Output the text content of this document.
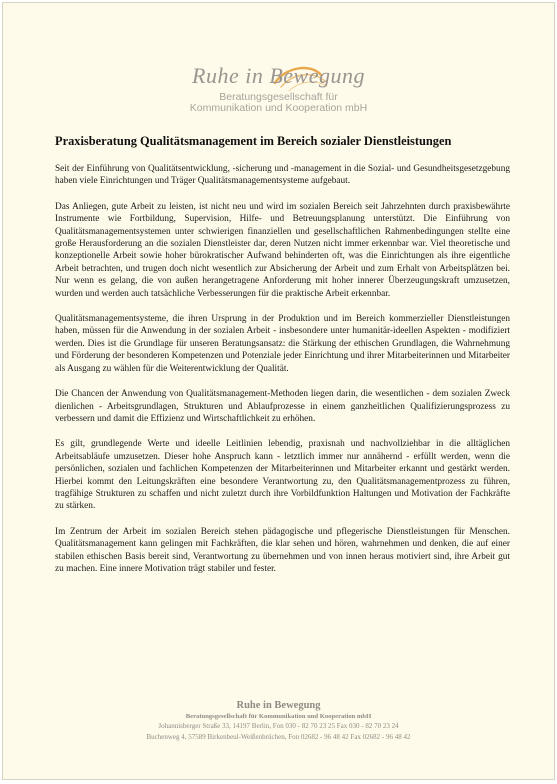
Ruhe in Bewegung
Beratungsgesellschaft für
Kommunikation und Kooperation mbH
Praxisberatung Qualitätsmanagement im Bereich sozialer Dienstleistungen

Seit der Einführung von Qualitätsentwicklung, -sicherung und -management in die Sozial- und Gesundheitsgesetzgebung haben viele Einrichtungen und Träger Qualitätsmanagementsysteme aufgebaut.

Das Anliegen, gute Arbeit zu leisten, ist nicht neu und wird im sozialen Bereich seit Jahrzehnten durch praxisbewährte Instrumente wie Fortbildung, Supervision, Hilfe- und Betreuungsplanung unterstützt. Die Einführung von Qualitätsmanagementsystemen unter schwierigen finanziellen und gesellschaftlichen Rahmenbedingungen stellte eine große Herausforderung an die sozialen Dienstleister dar, deren Nutzen nicht immer erkennbar war. Viel theoretische und konzeptionelle Arbeit sowie hoher bürokratischer Aufwand behinderten oft, was die Einrichtungen als ihre eigentliche Arbeit betrachten, und trugen doch nicht wesentlich zur Absicherung der Arbeit und zum Erhalt von Arbeitsplätzen bei. Nur wenn es gelang, die von außen herangetragene Anforderung mit hoher innerer Überzeugungskraft umzusetzen, wurden und werden auch tatsächliche Verbesserungen für die praktische Arbeit erkennbar.

Qualitätsmanagementsysteme, die ihren Ursprung in der Produktion und im Bereich kommerzieller Dienstleistungen haben, müssen für die Anwendung in der sozialen Arbeit - insbesondere unter humanitär-ideellen Aspekten - modifiziert werden. Dies ist die Grundlage für unseren Beratungsansatz: die Stärkung der ethischen Grundlagen, die Wahrnehmung und Förderung der besonderen Kompetenzen und Potenziale jeder Einrichtung und ihrer Mitarbeiterinnen und Mitarbeiter als Ausgang zu wählen für die Weiterentwicklung der Qualität.

Die Chancen der Anwendung von Qualitätsmanagement-Methoden liegen darin, die wesentlichen - dem sozialen Zweck dienlichen - Arbeitsgrundlagen, Strukturen und Ablaufprozesse in einem ganzheitlichen Qualifizierungsprozess zu verbessern und damit die Effizienz und Wirtschaftlichkeit zu erhöhen.

Es gilt, grundlegende Werte und ideelle Leitlinien lebendig, praxisnah und nachvollziehbar in die alltäglichen Arbeitsabläufe umzusetzen. Dieser hohe Anspruch kann - letztlich immer nur annähernd - erfüllt werden, wenn die persönlichen, sozialen und fachlichen Kompetenzen der Mitarbeiterinnen und Mitarbeiter erkannt und gestärkt werden. Hierbei kommt den Leitungskräften eine besondere Verantwortung zu, den Qualitätsmanagementprozess zu führen, tragfähige Strukturen zu schaffen und nicht zuletzt durch ihre Vorbildfunktion Haltungen und Motivation der Fachkräfte zu stärken.

Im Zentrum der Arbeit im sozialen Bereich stehen pädagogische und pflegerische Dienstleistungen für Menschen. Qualitätsmanagement kann gelingen mit Fachkräften, die klar sehen und hören, wahrnehmen und denken, die auf einer stabilen ethischen Basis bereit sind, Verantwortung zu übernehmen und von innen heraus motiviert sind, ihre Arbeit gut zu machen. Eine innere Motivation trägt stabiler und fester.

Ruhe in Bewegung
Beratungsgesellschaft für Kommunikation und Kooperation mbH
Johannisberger Straße 33, 14197 Berlin, Fon 030 - 82 70 23 25 Fax 030 - 82 70 23 24
Buchenweg 4, 57589 Birkenbeul-Weißenbrüchen, Fon 02682 - 96 48 42 Fax 02682 - 96 48 42
